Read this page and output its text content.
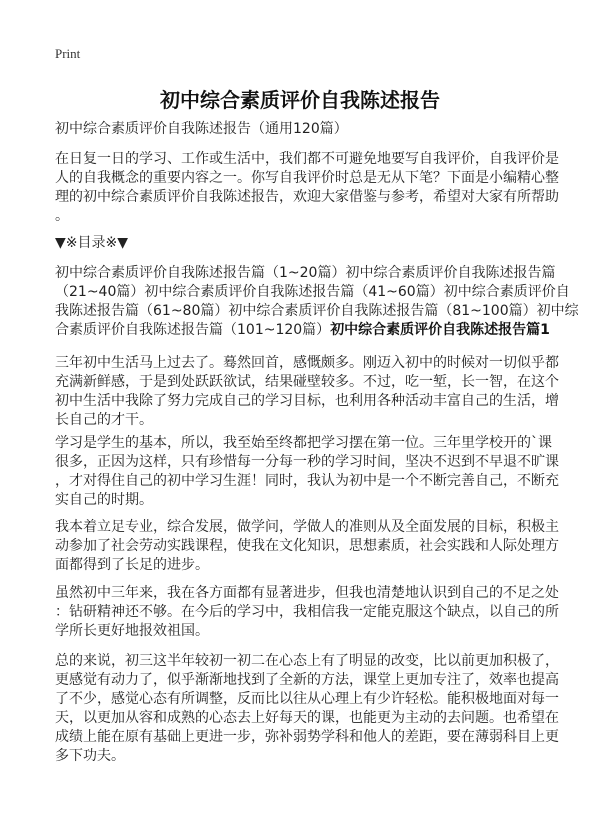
Print
初中综合素质评价自我陈述报告
初中综合素质评价自我陈述报告（通用120篇）
在日复一日的学习、工作或生活中，我们都不可避免地要写自我评价，自我评价是
人的自我概念的重要内容之一。你写自我评价时总是无从下笔？下面是小编精心整
理的初中综合素质评价自我陈述报告，欢迎大家借鉴与参考，希望对大家有所帮助
。
▼※目录※▼
初中综合素质评价自我陈述报告篇（1~20篇）初中综合素质评价自我陈述报告篇
（21~40篇）初中综合素质评价自我陈述报告篇（41~60篇）初中综合素质评价自
我陈述报告篇（61~80篇）初中综合素质评价自我陈述报告篇（81~100篇）初中综
合素质评价自我陈述报告篇（101~120篇）初中综合素质评价自我陈述报告篇1
三年初中生活马上过去了。蓦然回首，感慨颇多。刚迈入初中的时候对一切似乎都
充满新鲜感，于是到处跃跃欲试，结果碰壁较多。不过，吃一堑，长一智，在这个
初中生活中我除了努力完成自己的学习目标，也利用各种活动丰富自己的生活，增
长自己的才干。
学习是学生的基本，所以，我至始至终都把学习摆在第一位。三年里学校开的`课
很多，正因为这样，只有珍惜每一分每一秒的学习时间，坚决不迟到不早退不旷课
，才对得住自己的初中学习生涯！同时，我认为初中是一个不断完善自己，不断充
实自己的时期。
我本着立足专业，综合发展，做学问，学做人的准则从及全面发展的目标，积极主
动参加了社会劳动实践课程，使我在文化知识，思想素质，社会实践和人际处理方
面都得到了长足的进步。
虽然初中三年来，我在各方面都有显著进步，但我也清楚地认识到自己的不足之处
：钻研精神还不够。在今后的学习中，我相信我一定能克服这个缺点，以自己的所
学所长更好地报效祖国。
总的来说，初三这半年较初一初二在心态上有了明显的改变，比以前更加积极了，
更感觉有动力了，似乎渐渐地找到了全新的方法，课堂上更加专注了，效率也提高
了不少，感觉心态有所调整，反而比以往从心理上有少许轻松。能积极地面对每一
天，以更加从容和成熟的心态去上好每天的课，也能更为主动的去问题。也希望在
成绩上能在原有基础上更进一步，弥补弱势学科和他人的差距，要在薄弱科目上更
多下功夫。
